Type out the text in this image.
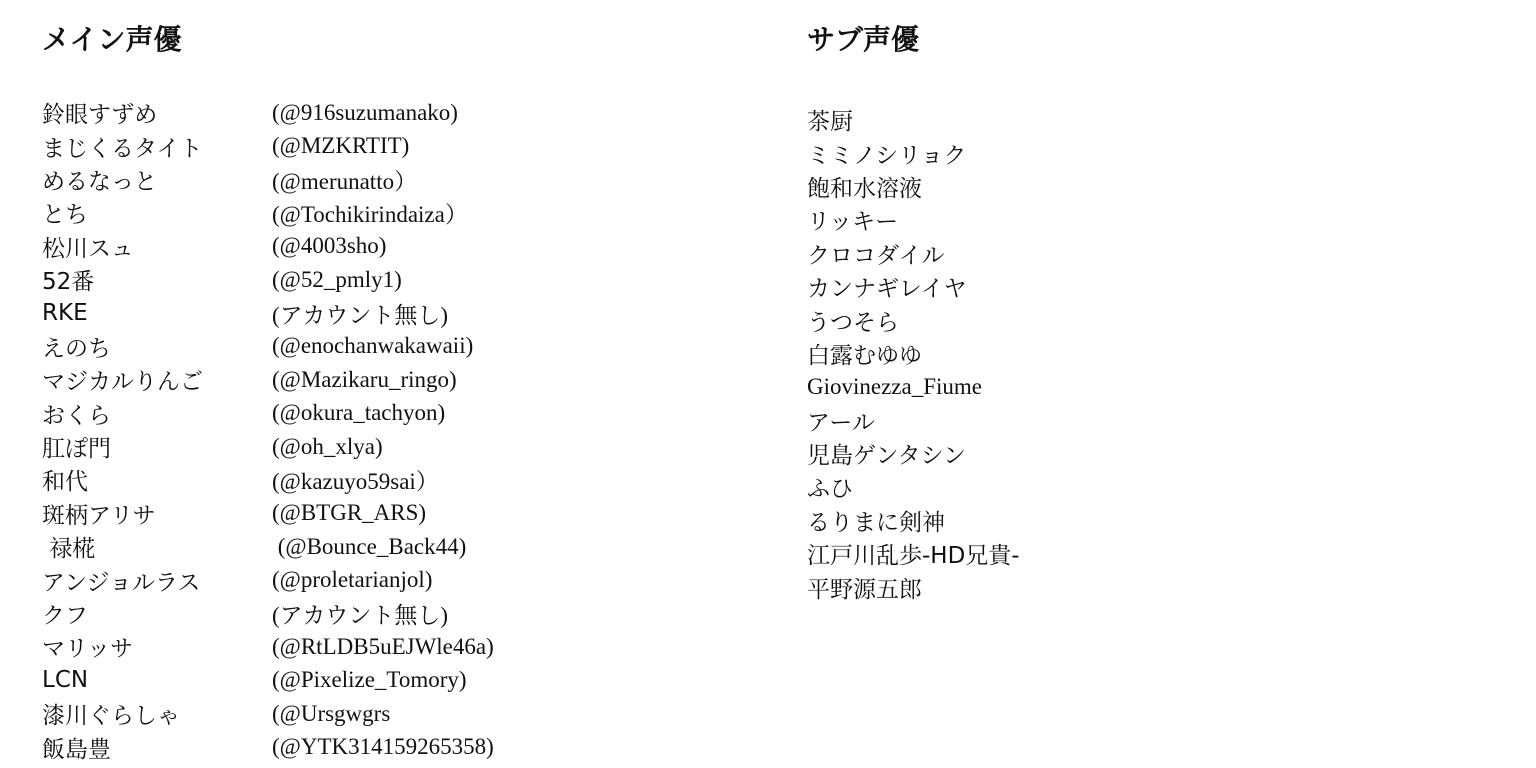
メイン声優
鈴眼すずめ	(@916suzumanako)
まじくるタイト	(@MZKRTIT)
めるなっと	(@merunatto）
とち	(@Tochikirindaiza）
松川スュ	(@4003sho)
52番	(@52_pmly1)
RKE	(アカウント無し)
えのち	(@enochanwakawaii)
マジカルりんご	(@Mazikaru_ringo)
おくら	(@okura_tachyon)
肛ぽ門	(@oh_xlya)
和代	(@kazuyo59sai）
斑柄アリサ	(@BTGR_ARS)
禄椛	(@Bounce_Back44)
アンジョルラス	(@proletarianjol)
クフ	(アカウント無し)
マリッサ	(@RtLDB5uEJWle46a)
LCN	(@Pixelize_Tomory)
漆川ぐらしゃ	(@Ursgwgrs
飯島豊	(@YTK314159265358)
サブ声優
茶厨
ミミノシリョク
飽和水溶液
リッキー
クロコダイル
カンナギレイヤ
うつそら
白露むゆゆ
Giovinezza_Fiume
アール
児島ゲンタシン
ふひ
るりまに剣神
江戸川乱歩-HD兄貴-
平野源五郎
